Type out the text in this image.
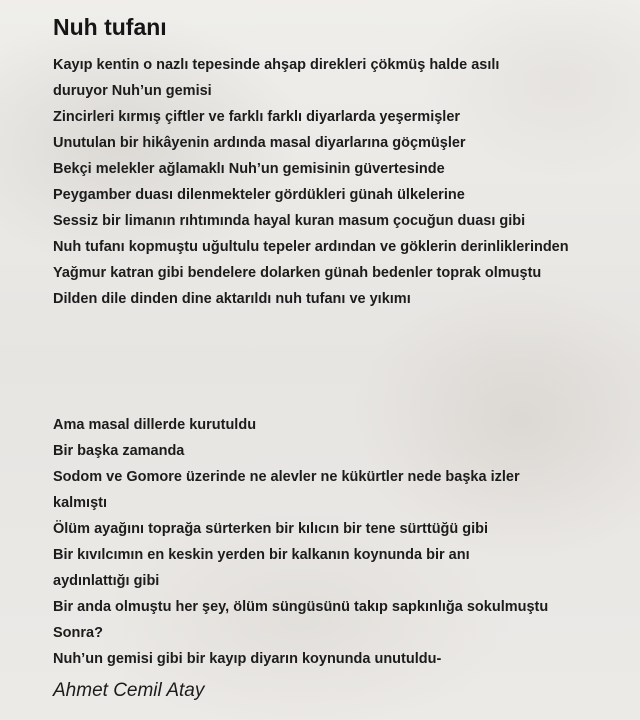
Nuh tufanı
Kayıp kentin o nazlı tepesinde ahşap direkleri çökmüş halde asılı
duruyor Nuh’un gemisi
Zincirleri kırmış çiftler ve farklı farklı diyarlarda yeşermişler
Unutulan bir hikâyenin ardında masal diyarlarına göçmüşler
Bekçi melekler ağlamaklı Nuh’un gemisinin güvertesinde
Peygamber duası dilenmekteler gördükleri günah ülkelerine
Sessiz bir limanın rıhtımında hayal kuran masum çocuğun duası gibi
Nuh tufanı kopmuştu uğultulu tepeler ardından ve göklerin derinliklerinden
Yağmur katran gibi bendelere dolarken günah bedenler toprak olmuştu
Dilden dile dinden dine aktarıldı nuh tufanı ve yıkımı
Ama masal dillerde kurutuldu
Bir başka zamanda
Sodom ve Gomore üzerinde ne alevler ne kükürtler nede başka izler
kalmıştı
Ölüm ayağını toprağa sürterken bir kılıcın bir tene sürttüğü gibi
Bir kıvılcımın en keskin yerden bir kalkanın koynunda bir anı
aydınlattığı gibi
Bir anda olmuştu her şey, ölüm süngüsünü takıp sapkınlığa sokulmuştu
Sonra?
Nuh’un gemisi gibi bir kayıp diyarın koynunda unutuldu-
Ahmet Cemil Atay
